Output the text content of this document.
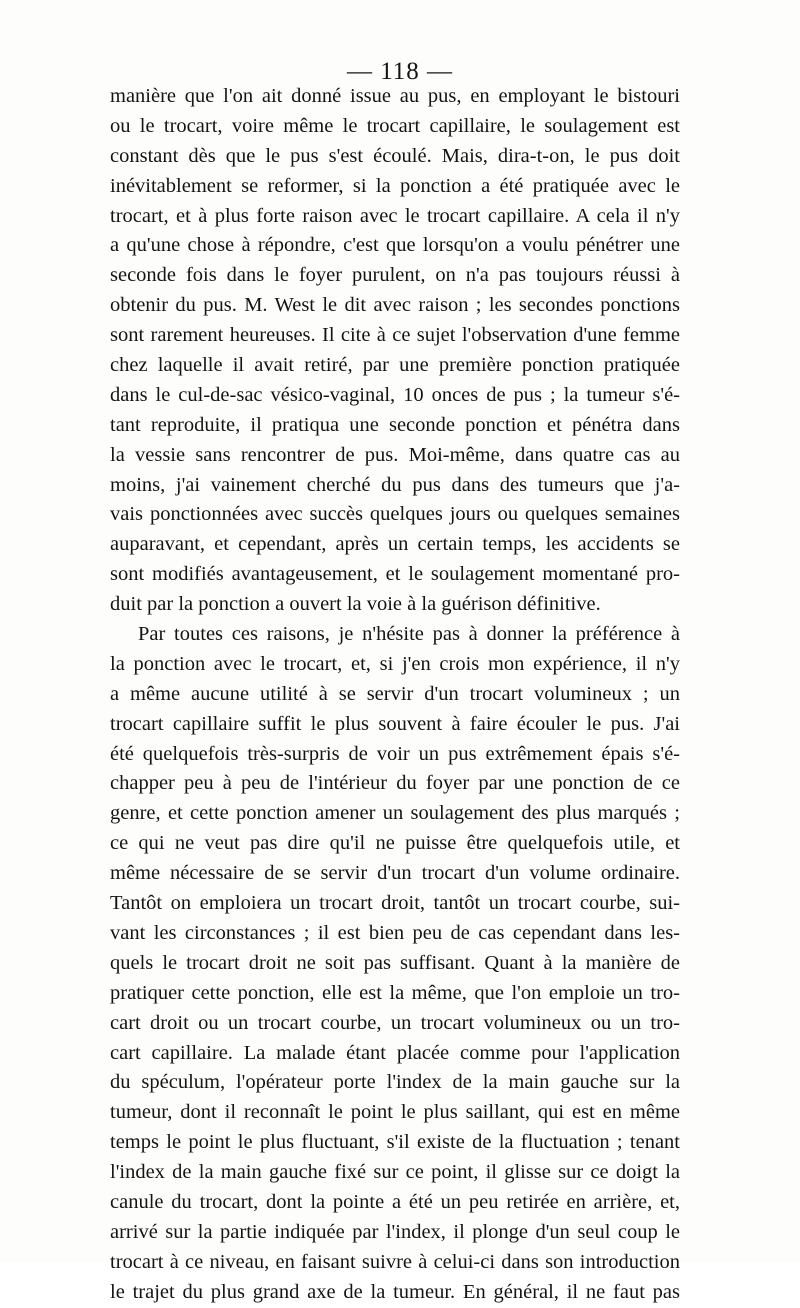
— 118 —
manière que l'on ait donné issue au pus, en employant le bistouri
ou le trocart, voire même le trocart capillaire, le soulagement est
constant dès que le pus s'est écoulé. Mais, dira-t-on, le pus doit
inévitablement se reformer, si la ponction a été pratiquée avec le
trocart, et à plus forte raison avec le trocart capillaire. A cela il n'y
a qu'une chose à répondre, c'est que lorsqu'on a voulu pénétrer une
seconde fois dans le foyer purulent, on n'a pas toujours réussi à
obtenir du pus. M. West le dit avec raison ; les secondes ponctions
sont rarement heureuses. Il cite à ce sujet l'observation d'une femme
chez laquelle il avait retiré, par une première ponction pratiquée
dans le cul-de-sac vésico-vaginal, 10 onces de pus ; la tumeur s'é-
tant reproduite, il pratiqua une seconde ponction et pénétra dans
la vessie sans rencontrer de pus. Moi-même, dans quatre cas au
moins, j'ai vainement cherché du pus dans des tumeurs que j'a-
vais ponctionnées avec succès quelques jours ou quelques semaines
auparavant, et cependant, après un certain temps, les accidents se
sont modifiés avantageusement, et le soulagement momentané pro-
duit par la ponction a ouvert la voie à la guérison définitive.
Par toutes ces raisons, je n'hésite pas à donner la préférence à
la ponction avec le trocart, et, si j'en crois mon expérience, il n'y
a même aucune utilité à se servir d'un trocart volumineux ; un
trocart capillaire suffit le plus souvent à faire écouler le pus. J'ai
été quelquefois très-surpris de voir un pus extrêmement épais s'é-
chapper peu à peu de l'intérieur du foyer par une ponction de ce
genre, et cette ponction amener un soulagement des plus marqués ;
ce qui ne veut pas dire qu'il ne puisse être quelquefois utile, et
même nécessaire de se servir d'un trocart d'un volume ordinaire.
Tantôt on emploiera un trocart droit, tantôt un trocart courbe, sui-
vant les circonstances ; il est bien peu de cas cependant dans les-
quels le trocart droit ne soit pas suffisant. Quant à la manière de
pratiquer cette ponction, elle est la même, que l'on emploie un tro-
cart droit ou un trocart courbe, un trocart volumineux ou un tro-
cart capillaire. La malade étant placée comme pour l'application
du spéculum, l'opérateur porte l'index de la main gauche sur la
tumeur, dont il reconnaît le point le plus saillant, qui est en même
temps le point le plus fluctuant, s'il existe de la fluctuation ; tenant
l'index de la main gauche fixé sur ce point, il glisse sur ce doigt la
canule du trocart, dont la pointe a été un peu retirée en arrière, et,
arrivé sur la partie indiquée par l'index, il plonge d'un seul coup le
trocart à ce niveau, en faisant suivre à celui-ci dans son introduction
le trajet du plus grand axe de la tumeur. En général, il ne faut pas
